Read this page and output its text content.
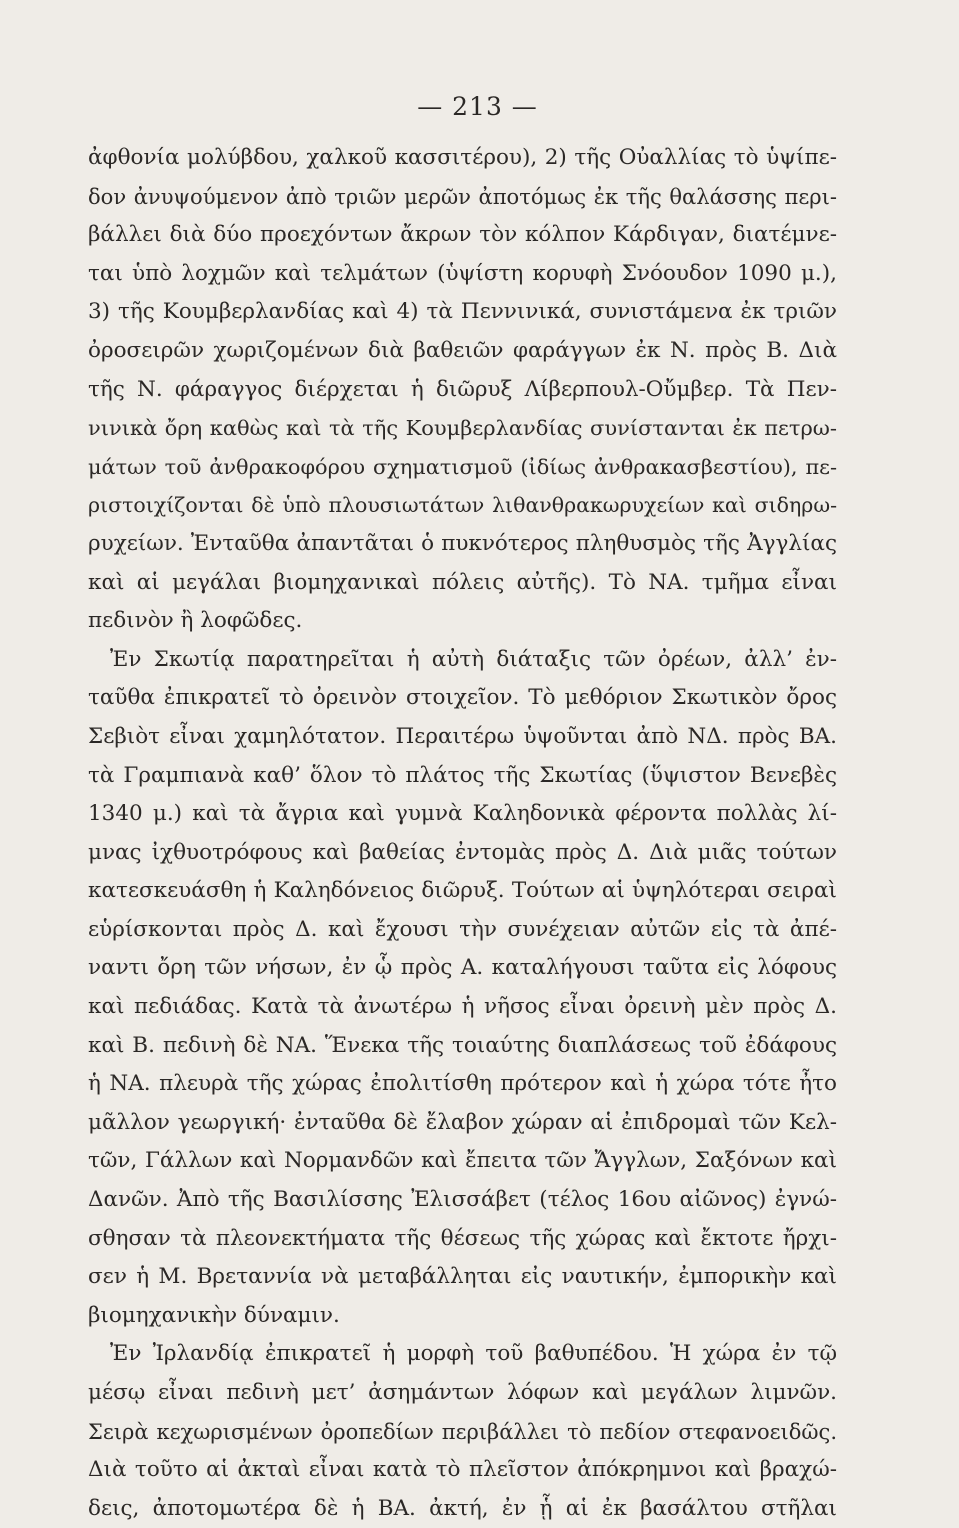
— 213 —
ἀφθονία μολύβδου, χαλκοῦ κασσιτέρου), 2) τῆς Οὐαλλίας τὸ ὑψίπε-
δον ἀνυψούμενον ἀπὸ τριῶν μερῶν ἀποτόμως ἐκ τῆς θαλάσσης περι-
βάλλει διὰ δύο προεχόντων ἄκρων τὸν κόλπον Κάρδιγαν, διατέμνε-
ται ὑπὸ λοχμῶν καὶ τελμάτων (ὑψίστη κορυφὴ Σνόουδον 1090 μ.),
3) τῆς Κουμβερλανδίας καὶ 4) τὰ Πεννινικά, συνιστάμενα ἐκ τριῶν
ὀροσειρῶν χωριζομένων διὰ βαθειῶν φαράγγων ἐκ Ν. πρὸς Β. Διὰ
τῆς Ν. φάραγγος διέρχεται ἡ διῶρυξ Λίβερπουλ-Οὔμβερ. Τὰ Πεν-
νινικὰ ὄρη καθὼς καὶ τὰ τῆς Κουμβερλανδίας συνίστανται ἐκ πετρω-
μάτων τοῦ ἀνθρακοφόρου σχηματισμοῦ (ἰδίως ἀνθρακασβεστίου), πε-
ριστοιχίζονται δὲ ὑπὸ πλουσιωτάτων λιθανθρακωρυχείων καὶ σιδηρω-
ρυχείων. Ἐνταῦθα ἀπαντᾶται ὁ πυκνότερος πληθυσμὸς τῆς Ἀγγλίας
καὶ αἱ μεγάλαι βιομηχανικαὶ πόλεις αὐτῆς). Τὸ ΝΑ. τμῆμα εἶναι
πεδινὸν ἢ λοφῶδες.
Ἐν Σκωτίᾳ παρατηρεῖται ἡ αὐτὴ διάταξις τῶν ὀρέων, ἀλλ’ ἐν-
ταῦθα ἐπικρατεῖ τὸ ὀρεινὸν στοιχεῖον. Τὸ μεθόριον Σκωτικὸν ὄρος
Σεβιὸτ εἶναι χαμηλότατον. Περαιτέρω ὑψοῦνται ἀπὸ ΝΔ. πρὸς ΒΑ.
τὰ Γραμπιανὰ καθ’ ὅλον τὸ πλάτος τῆς Σκωτίας (ὕψιστον Βενεβὲς
1340 μ.) καὶ τὰ ἄγρια καὶ γυμνὰ Καληδονικὰ φέροντα πολλὰς λί-
μνας ἰχθυοτρόφους καὶ βαθείας ἐντομὰς πρὸς Δ. Διὰ μιᾶς τούτων
κατεσκευάσθη ἡ Καληδόνειος διῶρυξ. Τούτων αἱ ὑψηλότεραι σειραὶ
εὑρίσκονται πρὸς Δ. καὶ ἔχουσι τὴν συνέχειαν αὐτῶν εἰς τὰ ἀπέ-
ναντι ὄρη τῶν νήσων, ἐν ᾧ πρὸς Α. καταλήγουσι ταῦτα εἰς λόφους
καὶ πεδιάδας. Κατὰ τὰ ἀνωτέρω ἡ νῆσος εἶναι ὀρεινὴ μὲν πρὸς Δ.
καὶ Β. πεδινὴ δὲ ΝΑ. Ἕνεκα τῆς τοιαύτης διαπλάσεως τοῦ ἐδάφους
ἡ ΝΑ. πλευρὰ τῆς χώρας ἐπολιτίσθη πρότερον καὶ ἡ χώρα τότε ἦτο
μᾶλλον γεωργική· ἐνταῦθα δὲ ἔλαβον χώραν αἱ ἐπιδρομαὶ τῶν Κελ-
τῶν, Γάλλων καὶ Νορμανδῶν καὶ ἔπειτα τῶν Ἄγγλων, Σαξόνων καὶ
Δανῶν. Ἀπὸ τῆς Βασιλίσσης Ἐλισσάβετ (τέλος 16ου αἰῶνος) ἐγνώ-
σθησαν τὰ πλεονεκτήματα τῆς θέσεως τῆς χώρας καὶ ἔκτοτε ἤρχι-
σεν ἡ Μ. Βρεταννία νὰ μεταβάλληται εἰς ναυτικήν, ἐμπορικὴν καὶ
βιομηχανικὴν δύναμιν.
Ἐν Ἰρλανδίᾳ ἐπικρατεῖ ἡ μορφὴ τοῦ βαθυπέδου. Ἡ χώρα ἐν τῷ
μέσῳ εἶναι πεδινὴ μετ’ ἀσημάντων λόφων καὶ μεγάλων λιμνῶν.
Σειρὰ κεχωρισμένων ὀροπεδίων περιβάλλει τὸ πεδίον στεφανοειδῶς.
Διὰ τοῦτο αἱ ἀκταὶ εἶναι κατὰ τὸ πλεῖστον ἀπόκρημνοι καὶ βραχώ-
δεις, ἀποτομωτέρα δὲ ἡ ΒΑ. ἀκτή, ἐν ᾗ αἱ ἐκ βασάλτου στῆλαι
